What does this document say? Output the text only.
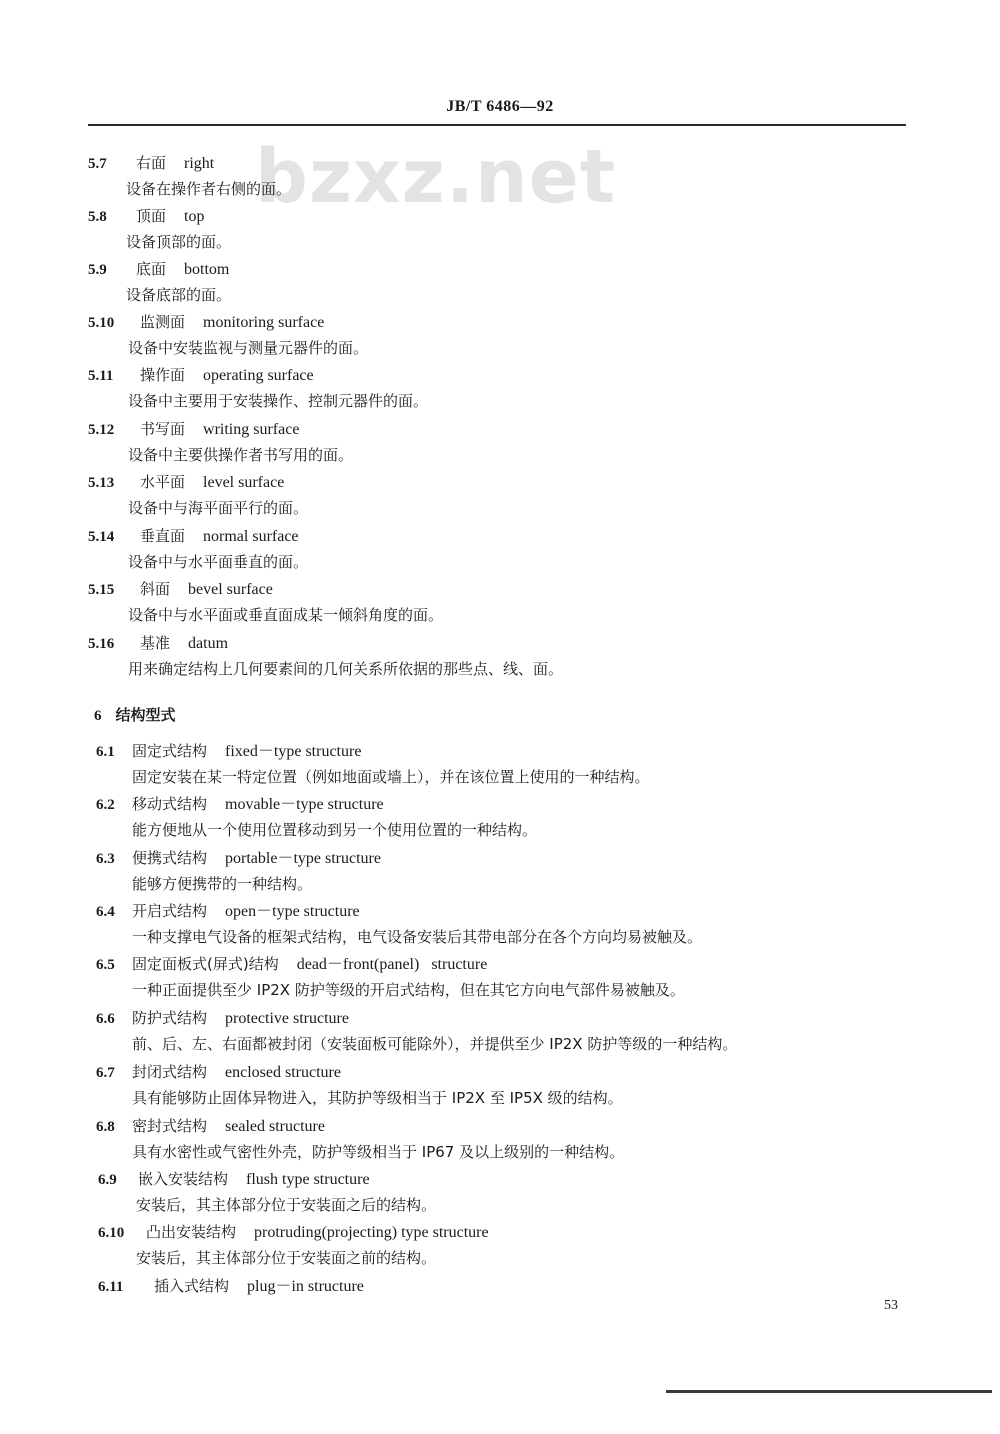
JB/T 6486—92
bzxz.net
5.7 右面 right
设备在操作者右侧的面。
5.8 顶面 top
设备顶部的面。
5.9 底面 bottom
设备底部的面。
5.10 监测面 monitoring surface
设备中安装监视与测量元器件的面。
5.11 操作面 operating surface
设备中主要用于安装操作、控制元器件的面。
5.12 书写面 writing surface
设备中主要供操作者书写用的面。
5.13 水平面 level surface
设备中与海平面平行的面。
5.14 垂直面 normal surface
设备中与水平面垂直的面。
5.15 斜面 bevel surface
设备中与水平面或垂直面成某一倾斜角度的面。
5.16 基准 datum
用来确定结构上几何要素间的几何关系所依据的那些点、线、面。
6 结构型式
6.1 固定式结构 fixed－type structure
固定安装在某一特定位置（例如地面或墙上），并在该位置上使用的一种结构。
6.2 移动式结构 movable－type structure
能方便地从一个使用位置移动到另一个使用位置的一种结构。
6.3 便携式结构 portable－type structure
能够方便携带的一种结构。
6.4 开启式结构 open－type structure
一种支撑电气设备的框架式结构，电气设备安装后其带电部分在各个方向均易被触及。
6.5 固定面板式(屏式)结构 dead－front(panel)   structure
一种正面提供至少 IP2X 防护等级的开启式结构，但在其它方向电气部件易被触及。
6.6 防护式结构 protective structure
前、后、左、右面都被封闭（安装面板可能除外），并提供至少 IP2X 防护等级的一种结构。
6.7 封闭式结构 enclosed structure
具有能够防止固体异物进入，其防护等级相当于 IP2X 至 IP5X 级的结构。
6.8 密封式结构 sealed structure
具有水密性或气密性外壳，防护等级相当于 IP67 及以上级别的一种结构。
6.9 嵌入安装结构 flush type structure
安装后，其主体部分位于安装面之后的结构。
6.10 凸出安装结构 protruding(projecting) type structure
安装后，其主体部分位于安装面之前的结构。
6.11 插入式结构 plug－in structure
53
